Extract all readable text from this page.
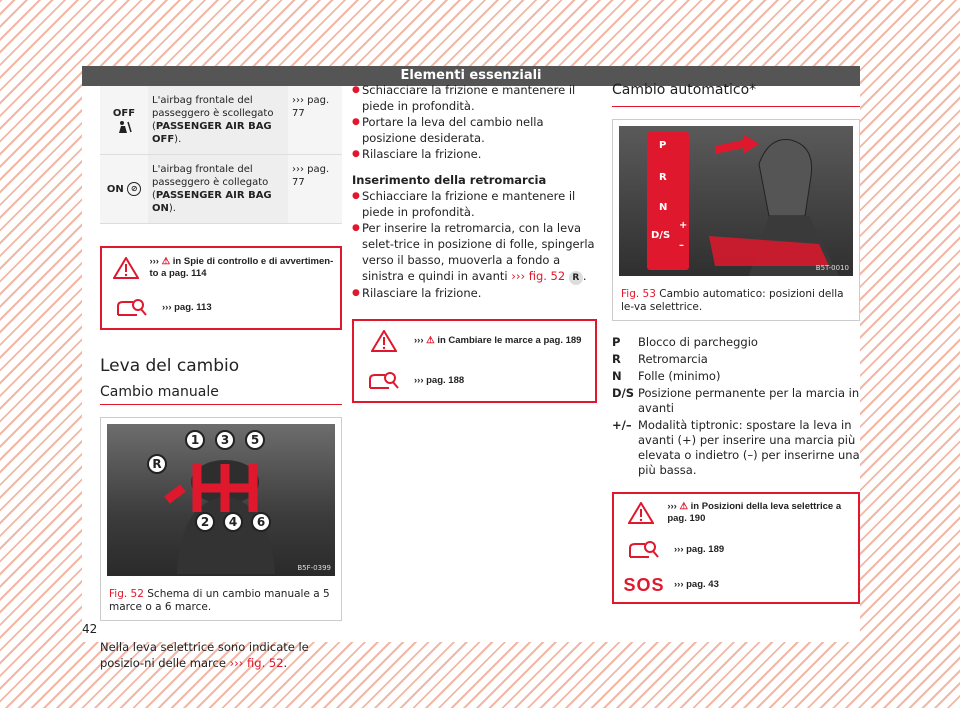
Elementi essenziali
OFF	L'airbag frontale del passeggero è scollegato (PASSENGER AIR BAG OFF).	››› pag. 77
ON ⊘	L'airbag frontale del passeggero è collegato (PASSENGER AIR BAG ON).	››› pag. 77
››› ⚠ in Spie di controllo e di avvertimen-to a pag. 114
››› pag. 113
Leva del cambio
Cambio manuale
1	3	5
2	4	6
R
B5F-0399
Fig. 52 Schema di un cambio manuale a 5 marce o a 6 marce.

Nella leva selettrice sono indicate le posizio-ni delle marce ››› fig. 52.

● Schiacciare la frizione e mantenere il piede in profondità.
● Portare la leva del cambio nella posizione desiderata.
● Rilasciare la frizione.
Inserimento della retromarcia
● Schiacciare la frizione e mantenere il piede in profondità.
● Per inserire la retromarcia, con la leva selet-trice in posizione di folle, spingerla verso il basso, muoverla a fondo a sinistra e quindi in avanti ››› fig. 52 R .
● Rilasciare la frizione.
››› ⚠ in Cambiare le marce a pag. 189
››› pag. 188
Cambio automatico*
P
R
N
D/S
+
–
B5T-0010
Fig. 53 Cambio automatico: posizioni della le-va selettrice.
P	Blocco di parcheggio
R	Retromarcia
N	Folle (minimo)
D/S Posizione permanente per la marcia in avanti
+/– Modalità tiptronic: spostare la leva in avanti (+) per inserire una marcia più elevata o indietro (–) per inserirne una più bassa.
››› ⚠ in Posizioni della leva selettrice a pag. 190
››› pag. 189
SOS ››› pag. 43
42
